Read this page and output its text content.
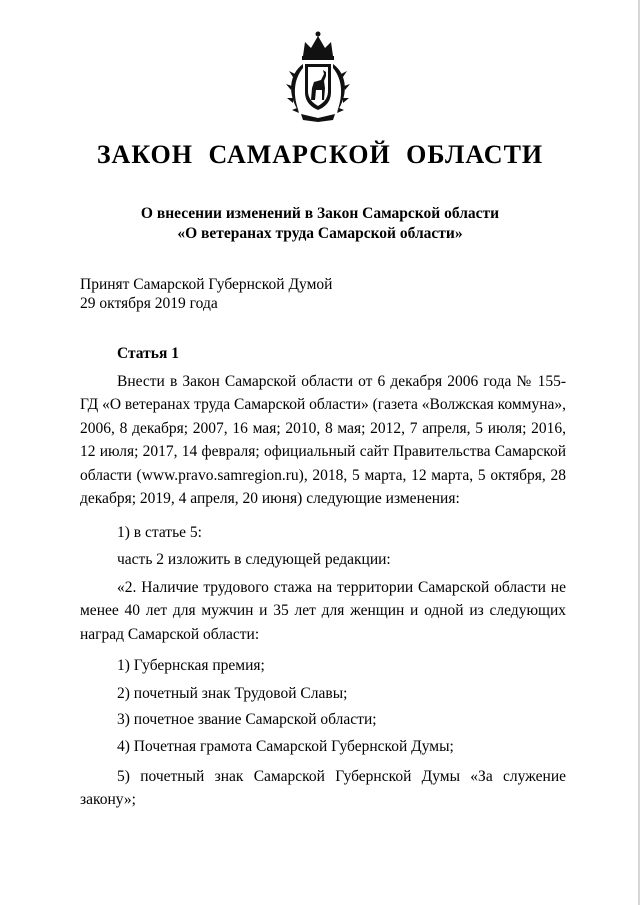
ЗАКОН САМАРСКОЙ ОБЛАСТИ
О внесении изменений в Закон Самарской области
«О ветеранах труда Самарской области»
Принят Самарской Губернской Думой
29 октября 2019 года
Статья 1

Внести в Закон Самарской области от 6 декабря 2006 года № 155-ГД «О ветеранах труда Самарской области» (газета «Волжская коммуна», 2006, 8 декабря; 2007, 16 мая; 2010, 8 мая; 2012, 7 апреля, 5 июля; 2016, 12 июля; 2017, 14 февраля; официальный сайт Правительства Самарской области (www.pravo.samregion.ru), 2018, 5 марта, 12 марта, 5 октября, 28 декабря; 2019, 4 апреля, 20 июня) следующие изменения:

1) в статье 5:
часть 2 изложить в следующей редакции:

«2. Наличие трудового стажа на территории Самарской области не менее 40 лет для мужчин и 35 лет для женщин и одной из следующих наград Самарской области:

1) Губернская премия;
2) почетный знак Трудовой Славы;
3) почетное звание Самарской области;
4) Почетная грамота Самарской Губернской Думы;

5) почетный знак Самарской Губернской Думы «За служение закону»;
